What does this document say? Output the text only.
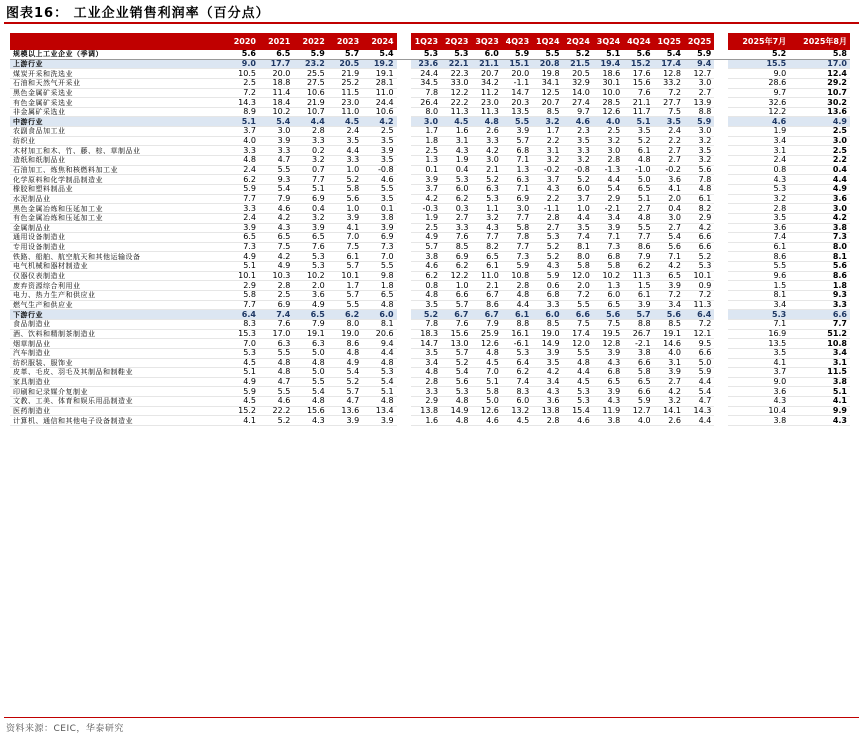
图表16： 工业企业销售利润率（百分点）
	2020	2021	2022	2023	2024		1Q23	2Q23	3Q23	4Q23	1Q24	2Q24	3Q24	4Q24	1Q25	2Q25		2025年7月	2025年8月
规模以上工业企业（季调）	5.6	6.5	5.9	5.7	5.4		5.3	5.3	6.0	5.9	5.5	5.2	5.1	5.6	5.4	5.9		5.2	5.8
上游行业	9.0	17.7	23.2	20.5	19.2		23.6	22.1	21.1	15.1	20.8	21.5	19.4	15.2	17.4	9.4		15.5	17.0
煤炭开采和洗选业	10.5	20.0	25.5	21.9	19.1		24.4	22.3	20.7	20.0	19.8	20.5	18.6	17.6	12.8	12.7		9.0	12.4
石油和天然气开采业	2.5	18.8	27.5	25.2	28.1		34.5	33.0	34.2	-1.1	34.1	32.9	30.1	15.6	33.2	3.0		28.6	29.2
黑色金属矿采选业	7.2	11.4	10.6	11.5	11.0		7.8	12.2	11.2	14.7	12.5	14.0	10.0	7.6	7.2	2.7		9.7	10.7
有色金属矿采选业	14.3	18.4	21.9	23.0	24.4		26.4	22.2	23.0	20.3	20.7	27.4	28.5	21.1	27.7	13.9		32.6	30.2
非金属矿采选业	8.9	10.2	10.7	11.0	10.6		8.0	11.3	11.3	13.5	8.5	9.7	12.6	11.7	7.5	8.8		12.2	13.6
中游行业	5.1	5.4	4.4	4.5	4.2		3.0	4.5	4.8	5.5	3.2	4.6	4.0	5.1	3.5	5.9		4.6	4.9
农副食品加工业	3.7	3.0	2.8	2.4	2.5		1.7	1.6	2.6	3.9	1.7	2.3	2.5	3.5	2.4	3.0		1.9	2.5
纺织业	4.0	3.9	3.3	3.5	3.5		1.8	3.1	3.3	5.7	2.2	3.5	3.2	5.2	2.2	3.2		3.4	3.0
木材加工和木、竹、藤、棕、草制品业	3.3	3.3	0.2	4.4	3.9		2.5	4.3	4.2	6.8	3.1	3.3	3.0	6.1	2.7	3.5		3.1	2.5
造纸和纸制品业	4.8	4.7	3.2	3.3	3.5		1.3	1.9	3.0	7.1	3.2	3.2	2.8	4.8	2.7	3.2		2.4	2.2
石油加工、炼焦和核燃料加工业	2.4	5.5	0.7	1.0	-0.8		0.1	0.4	2.1	1.3	-0.2	-0.8	-1.3	-1.0	-0.2	5.6		0.8	0.4
化学原料和化学制品制造业	6.2	9.3	7.7	5.2	4.6		3.9	5.3	5.2	6.3	3.7	5.2	4.4	5.0	3.6	7.8		4.3	4.4
橡胶和塑料制品业	5.9	5.4	5.1	5.8	5.5		3.7	6.0	6.3	7.1	4.3	6.0	5.4	6.5	4.1	4.8		5.3	4.9
水泥制品业	7.7	7.9	6.9	5.6	3.5		4.2	6.2	5.3	6.9	2.2	3.7	2.9	5.1	2.0	6.1		3.2	3.6
黑色金属冶炼和压延加工业	3.3	4.6	0.4	1.0	0.1		-0.3	0.3	1.1	3.0	-1.1	1.0	-2.1	2.7	0.4	8.2		2.8	3.0
有色金属冶炼和压延加工业	2.4	4.2	3.2	3.9	3.8		1.9	2.7	3.2	7.7	2.8	4.4	3.4	4.8	3.0	2.9		3.5	4.2
金属制品业	3.9	4.3	3.9	4.1	3.9		2.5	3.3	4.3	5.8	2.7	3.5	3.9	5.5	2.7	4.2		3.6	3.8
通用设备制造业	6.5	6.5	6.5	7.0	6.9		4.9	7.6	7.7	7.8	5.3	7.4	7.1	7.7	5.4	6.6		7.4	7.3
专用设备制造业	7.3	7.5	7.6	7.5	7.3		5.7	8.5	8.2	7.7	5.2	8.1	7.3	8.6	5.6	6.6		6.1	8.0
铁路、船舶、航空航天和其他运输设备	4.9	4.2	5.3	6.1	7.0		3.8	6.9	6.5	7.3	5.2	8.0	6.8	7.9	7.1	5.2		8.6	8.1
电气机械和器材制造业	5.1	4.9	5.3	5.7	5.5		4.6	6.2	6.1	5.9	4.3	5.8	5.8	6.2	4.2	5.3		5.5	5.6
仪器仪表制造业	10.1	10.3	10.2	10.1	9.8		6.2	12.2	11.0	10.8	5.9	12.0	10.2	11.3	6.5	10.1		9.6	8.6
废弃资源综合利用业	2.9	2.8	2.0	1.7	1.8		0.8	1.0	2.1	2.8	0.6	2.0	1.3	1.5	3.9	0.9		1.5	1.8
电力、热力生产和供应业	5.8	2.5	3.6	5.7	6.5		4.8	6.6	6.7	4.8	6.8	7.2	6.0	6.1	7.2	7.2		8.1	9.3
燃气生产和供应业	7.7	6.9	4.9	5.5	4.8		3.5	5.7	8.6	4.4	3.3	5.5	6.5	3.9	3.4	11.3		3.4	3.3
下游行业	6.4	7.4	6.5	6.2	6.0		5.2	6.7	6.7	6.1	6.0	6.6	5.6	5.7	5.6	6.4		5.3	6.6
食品制造业	8.3	7.6	7.9	8.0	8.1		7.8	7.6	7.9	8.8	8.5	7.5	7.5	8.8	8.5	7.2		7.1	7.7
酒、饮料和精制茶制造业	15.3	17.0	19.1	19.0	20.6		18.3	15.6	25.9	16.1	19.0	17.4	19.5	26.7	19.1	12.1		16.9	51.2
烟草制品业	7.0	6.3	6.3	8.6	9.4		14.7	13.0	12.6	-6.1	14.9	12.0	12.8	-2.1	14.6	9.5		13.5	10.8
汽车制造业	5.3	5.5	5.0	4.8	4.4		3.5	5.7	4.8	5.3	3.9	5.5	3.9	3.8	4.0	6.6		3.5	3.4
纺织服装、服饰业	4.5	4.8	4.8	4.9	4.8		3.4	5.2	4.5	6.4	3.5	4.8	4.3	6.6	3.1	5.0		4.1	3.1
皮革、毛皮、羽毛及其制品和制鞋业	5.1	4.8	5.0	5.4	5.3		4.8	5.4	7.0	6.2	4.2	4.4	6.8	5.8	3.9	5.9		3.7	11.5
家具制造业	4.9	4.7	5.5	5.2	5.4		2.8	5.6	5.1	7.4	3.4	4.5	6.5	6.5	2.7	4.4		9.0	3.8
印刷和记录媒介复制业	5.9	5.5	5.4	5.7	5.1		3.3	5.3	5.8	8.3	4.3	5.3	3.9	6.6	4.2	5.4		3.6	5.1
文教、工美、体育和娱乐用品制造业	4.5	4.6	4.8	4.7	4.8		2.9	4.8	5.0	6.0	3.6	5.3	4.3	5.9	3.2	4.7		4.3	4.1
医药制造业	15.2	22.2	15.6	13.6	13.4		13.8	14.9	12.6	13.2	13.8	15.4	11.9	12.7	14.1	14.3		10.4	9.9
计算机、通信和其他电子设备制造业	4.1	5.2	4.3	3.9	3.9		1.6	4.8	4.6	4.5	2.8	4.6	3.8	4.0	2.6	4.4		3.8	4.3
资料来源：CEIC，华泰研究
